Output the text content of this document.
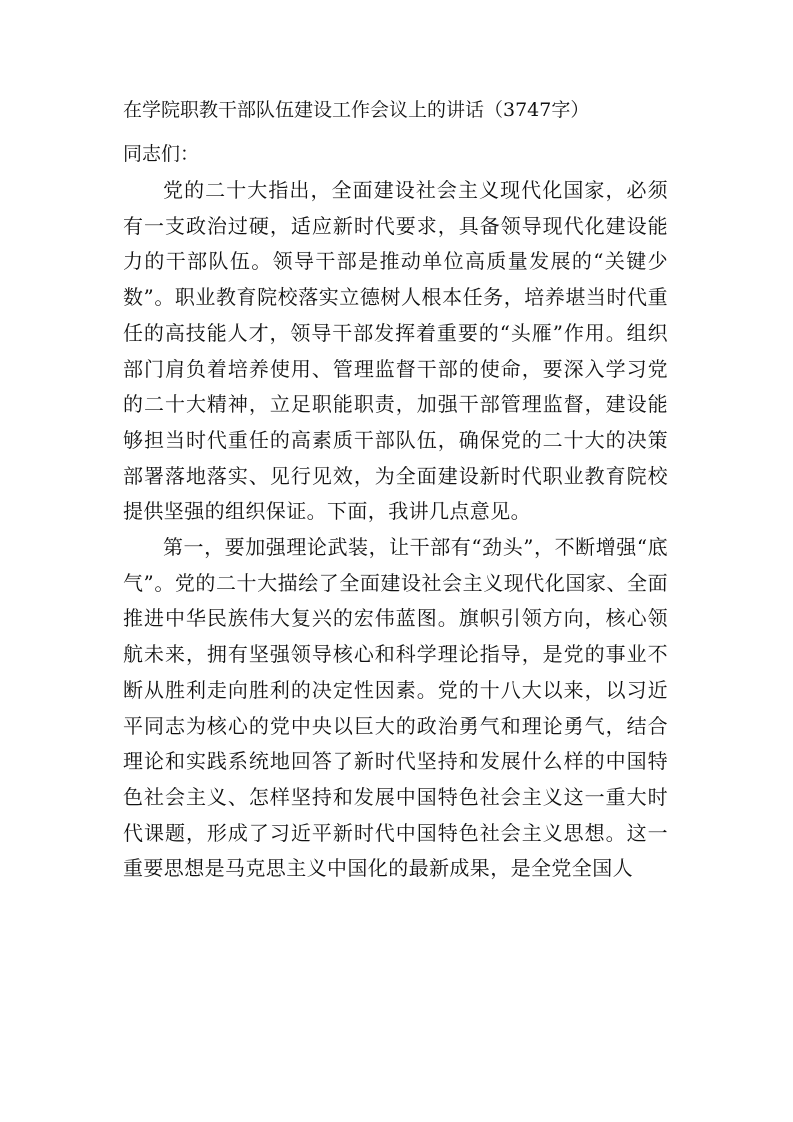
在学院职教干部队伍建设工作会议上的讲话（3747字）
同志们：

党的二十大指出，全面建设社会主义现代化国家，必须有一支政治过硬，适应新时代要求，具备领导现代化建设能力的干部队伍。领导干部是推动单位高质量发展的“关键少数”。职业教育院校落实立德树人根本任务，培养堪当时代重任的高技能人才，领导干部发挥着重要的“头雁”作用。组织部门肩负着培养使用、管理监督干部的使命，要深入学习党的二十大精神，立足职能职责，加强干部管理监督，建设能够担当时代重任的高素质干部队伍，确保党的二十大的决策部署落地落实、见行见效，为全面建设新时代职业教育院校提供坚强的组织保证。下面，我讲几点意见。

第一，要加强理论武装，让干部有“劲头”，不断增强“底气”。党的二十大描绘了全面建设社会主义现代化国家、全面推进中华民族伟大复兴的宏伟蓝图。旗帜引领方向，核心领航未来，拥有坚强领导核心和科学理论指导，是党的事业不断从胜利走向胜利的决定性因素。党的十八大以来，以习近平同志为核心的党中央以巨大的政治勇气和理论勇气，结合理论和实践系统地回答了新时代坚持和发展什么样的中国特色社会主义、怎样坚持和发展中国特色社会主义这一重大时代课题，形成了习近平新时代中国特色社会主义思想。这一重要思想是马克思主义中国化的最新成果，是全党全国人
